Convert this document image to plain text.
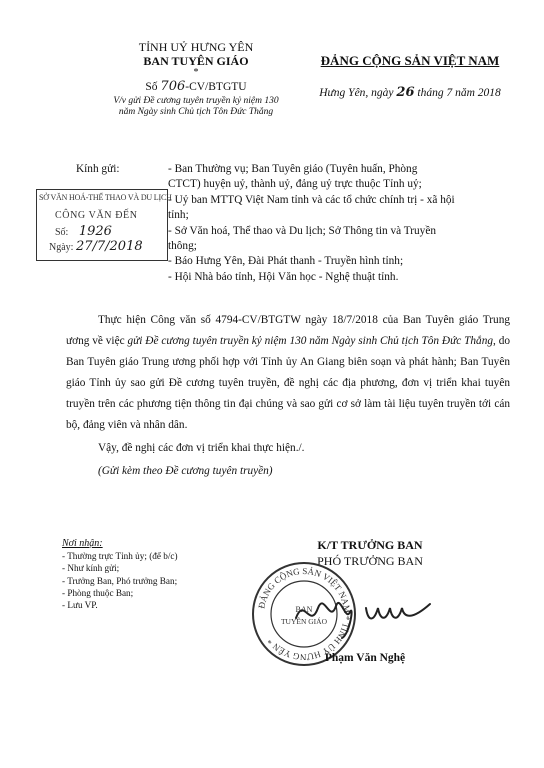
TỈNH UỶ HƯNG YÊN
BAN TUYÊN GIÁO
*
Số 706-CV/BTGTU
V/v gửi Đề cương tuyên truyền kỷ niệm 130
năm Ngày sinh Chủ tịch Tôn Đức Thắng
ĐẢNG CỘNG SẢN VIỆT NAM
Hưng Yên, ngày 26 tháng 7 năm 2018
Kính gửi:	- Ban Thường vụ; Ban Tuyên giáo (Tuyên huấn, Phòng
CTCT) huyện uỷ, thành uỷ, đảng uỷ trực thuộc Tỉnh uỷ;
- Uỷ ban MTTQ Việt Nam tỉnh và các tổ chức chính trị - xã hội
tỉnh;
- Sở Văn hoá, Thể thao và Du lịch; Sở Thông tin và Truyền
thông;
- Báo Hưng Yên, Đài Phát thanh - Truyền hình tỉnh;
- Hội Nhà báo tỉnh, Hội Văn học - Nghệ thuật tỉnh.
SỞ VĂN HOÁ-THỂ THAO VÀ DU LỊCH
CÔNG VĂN ĐẾN
Số: 1926
Ngày: 27/7/2018

Thực hiện Công văn số 4794-CV/BTGTW ngày 18/7/2018 của Ban Tuyên giáo Trung ương về việc gửi Đề cương tuyên truyền kỷ niệm 130 năm Ngày sinh Chủ tịch Tôn Đức Thắng, do Ban Tuyên giáo Trung ương phối hợp với Tỉnh ủy An Giang biên soạn và phát hành; Ban Tuyên giáo Tỉnh ủy sao gửi Đề cương tuyên truyền, đề nghị các địa phương, đơn vị triển khai tuyên truyền trên các phương tiện thông tin đại chúng và sao gửi cơ sở làm tài liệu tuyên truyền tới cán bộ, đảng viên và nhân dân.

Vậy, đề nghị các đơn vị triển khai thực hiện./.

(Gửi kèm theo Đề cương tuyên truyền)

Nơi nhận:
- Thường trực Tỉnh ủy; (để b/c)
- Như kính gửi;
- Trưởng Ban, Phó trưởng Ban;
- Phòng thuộc Ban;
- Lưu VP.
K/T TRƯỞNG BAN
PHÓ TRƯỞNG BAN
ĐẢNG CỘNG SẢN VIỆT NAM * TỈNH ỦY HƯNG YÊN *
BAN
TUYÊN GIÁO
Phạm Văn Nghệ
